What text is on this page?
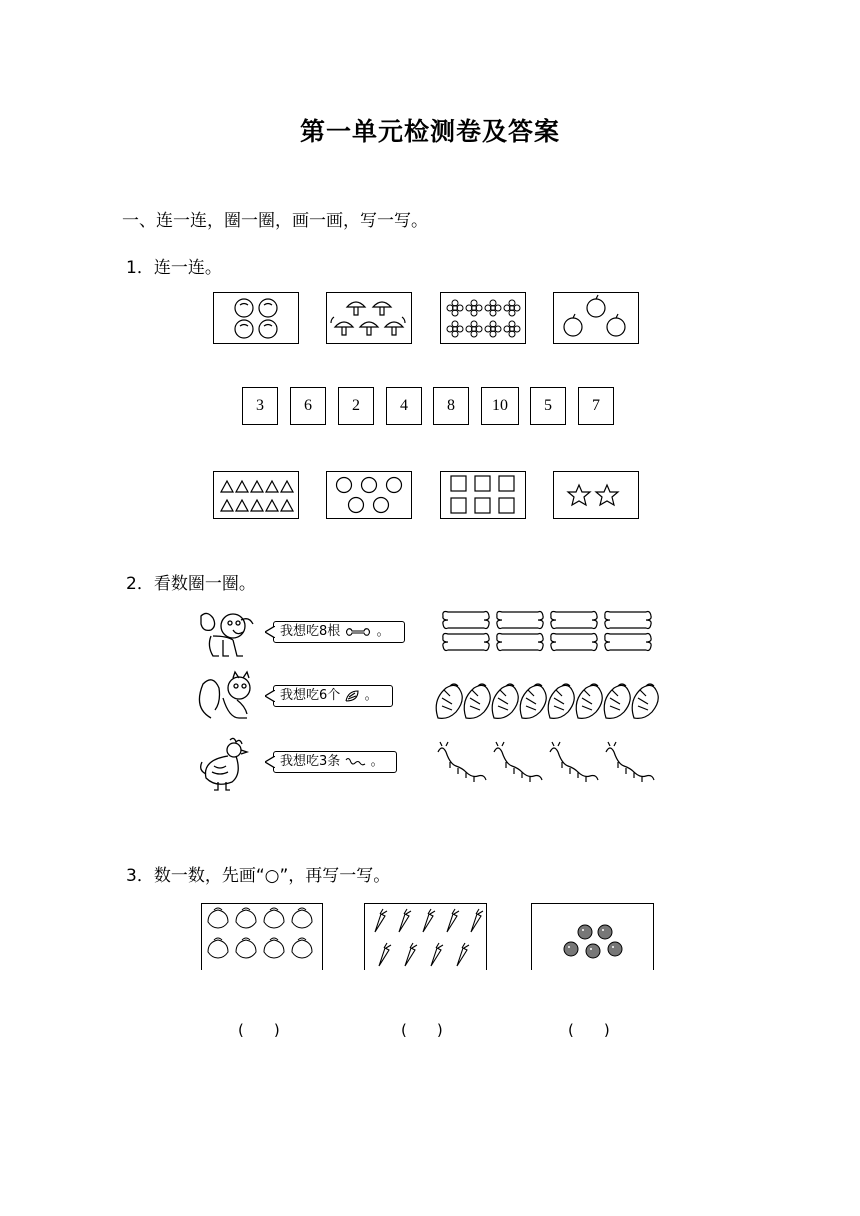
第一单元检测卷及答案
一、连一连，圈一圈，画一画，写一写。
1．连一连。
3	6	2	4	8	10	5	7
2．看数圈一圈。
我想吃8根	。
我想吃6个 。
我想吃3条 。
3．数一数，先画“○”，再写一写。
(　　)	(　　)	(　　)
